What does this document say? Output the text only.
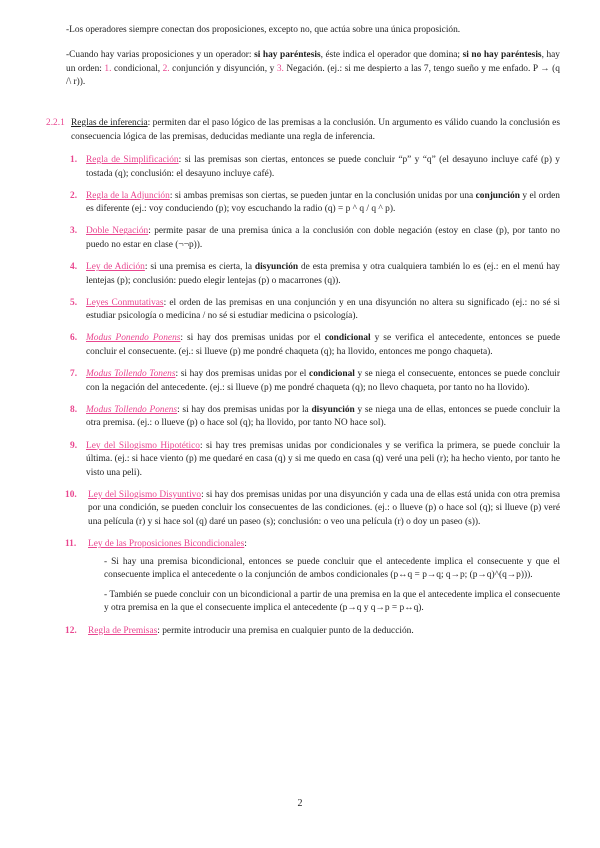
-Los operadores siempre conectan dos proposiciones, excepto no, que actúa sobre una única proposición.

-Cuando hay varias proposiciones y un operador: si hay paréntesis, éste indica el operador que domina; si no hay paréntesis, hay un orden: 1. condicional, 2. conjunción y disyunción, y 3. Negación. (ej.: si me despierto a las 7, tengo sueño y me enfado. P → (q /\ r)).

2.2.1 Reglas de inferencia: permiten dar el paso lógico de las premisas a la conclusión. Un argumento es válido cuando la conclusión es consecuencia lógica de las premisas, deducidas mediante una regla de inferencia.
1. Regla de Simplificación: si las premisas son ciertas, entonces se puede concluir “p” y “q” (el desayuno incluye café (p) y tostada (q); conclusión: el desayuno incluye café).
2. Regla de la Adjunción: si ambas premisas son ciertas, se pueden juntar en la conclusión unidas por una conjunción y el orden es diferente (ej.: voy conduciendo (p); voy escuchando la radio (q) = p ^ q / q ^ p).
3. Doble Negación: permite pasar de una premisa única a la conclusión con doble negación (estoy en clase (p), por tanto no puedo no estar en clase (¬¬p)).
4. Ley de Adición: si una premisa es cierta, la disyunción de esta premisa y otra cualquiera también lo es (ej.: en el menú hay lentejas (p); conclusión: puedo elegir lentejas (p) o macarrones (q)).
5. Leyes Conmutativas: el orden de las premisas en una conjunción y en una disyunción no altera su significado (ej.: no sé si estudiar psicología o medicina / no sé si estudiar medicina o psicología).
6. Modus Ponendo Ponens: si hay dos premisas unidas por el condicional y se verifica el antecedente, entonces se puede concluir el consecuente. (ej.: si llueve (p) me pondré chaqueta (q); ha llovido, entonces me pongo chaqueta).
7. Modus Tollendo Tonens: si hay dos premisas unidas por el condicional y se niega el consecuente, entonces se puede concluir con la negación del antecedente. (ej.: si llueve (p) me pondré chaqueta (q); no llevo chaqueta, por tanto no ha llovido).
8. Modus Tollendo Ponens: si hay dos premisas unidas por la disyunción y se niega una de ellas, entonces se puede concluir la otra premisa. (ej.: o llueve (p) o hace sol (q); ha llovido, por tanto NO hace sol).
9. Ley del Silogismo Hipotético: si hay tres premisas unidas por condicionales y se verifica la primera, se puede concluir la última. (ej.: si hace viento (p) me quedaré en casa (q) y si me quedo en casa (q) veré una peli (r); ha hecho viento, por tanto he visto una peli).
10. Ley del Silogismo Disyuntivo: si hay dos premisas unidas por una disyunción y cada una de ellas está unida con otra premisa por una condición, se pueden concluir los consecuentes de las condiciones. (ej.: o llueve (p) o hace sol (q); si llueve (p) veré una película (r) y si hace sol (q) daré un paseo (s); conclusión: o veo una película (r) o doy un paseo (s)).
11. Ley de las Proposiciones Bicondicionales:
- Si hay una premisa bicondicional, entonces se puede concluir que el antecedente implica el consecuente y que el consecuente implica el antecedente o la conjunción de ambos condicionales (p↔q = p→q; q→p; (p→q)^(q→p))).
- También se puede concluir con un bicondicional a partir de una premisa en la que el antecedente implica el consecuente y otra premisa en la que el consecuente implica el antecedente (p→q y q→p = p↔q).
12. Regla de Premisas: permite introducir una premisa en cualquier punto de la deducción.
2
